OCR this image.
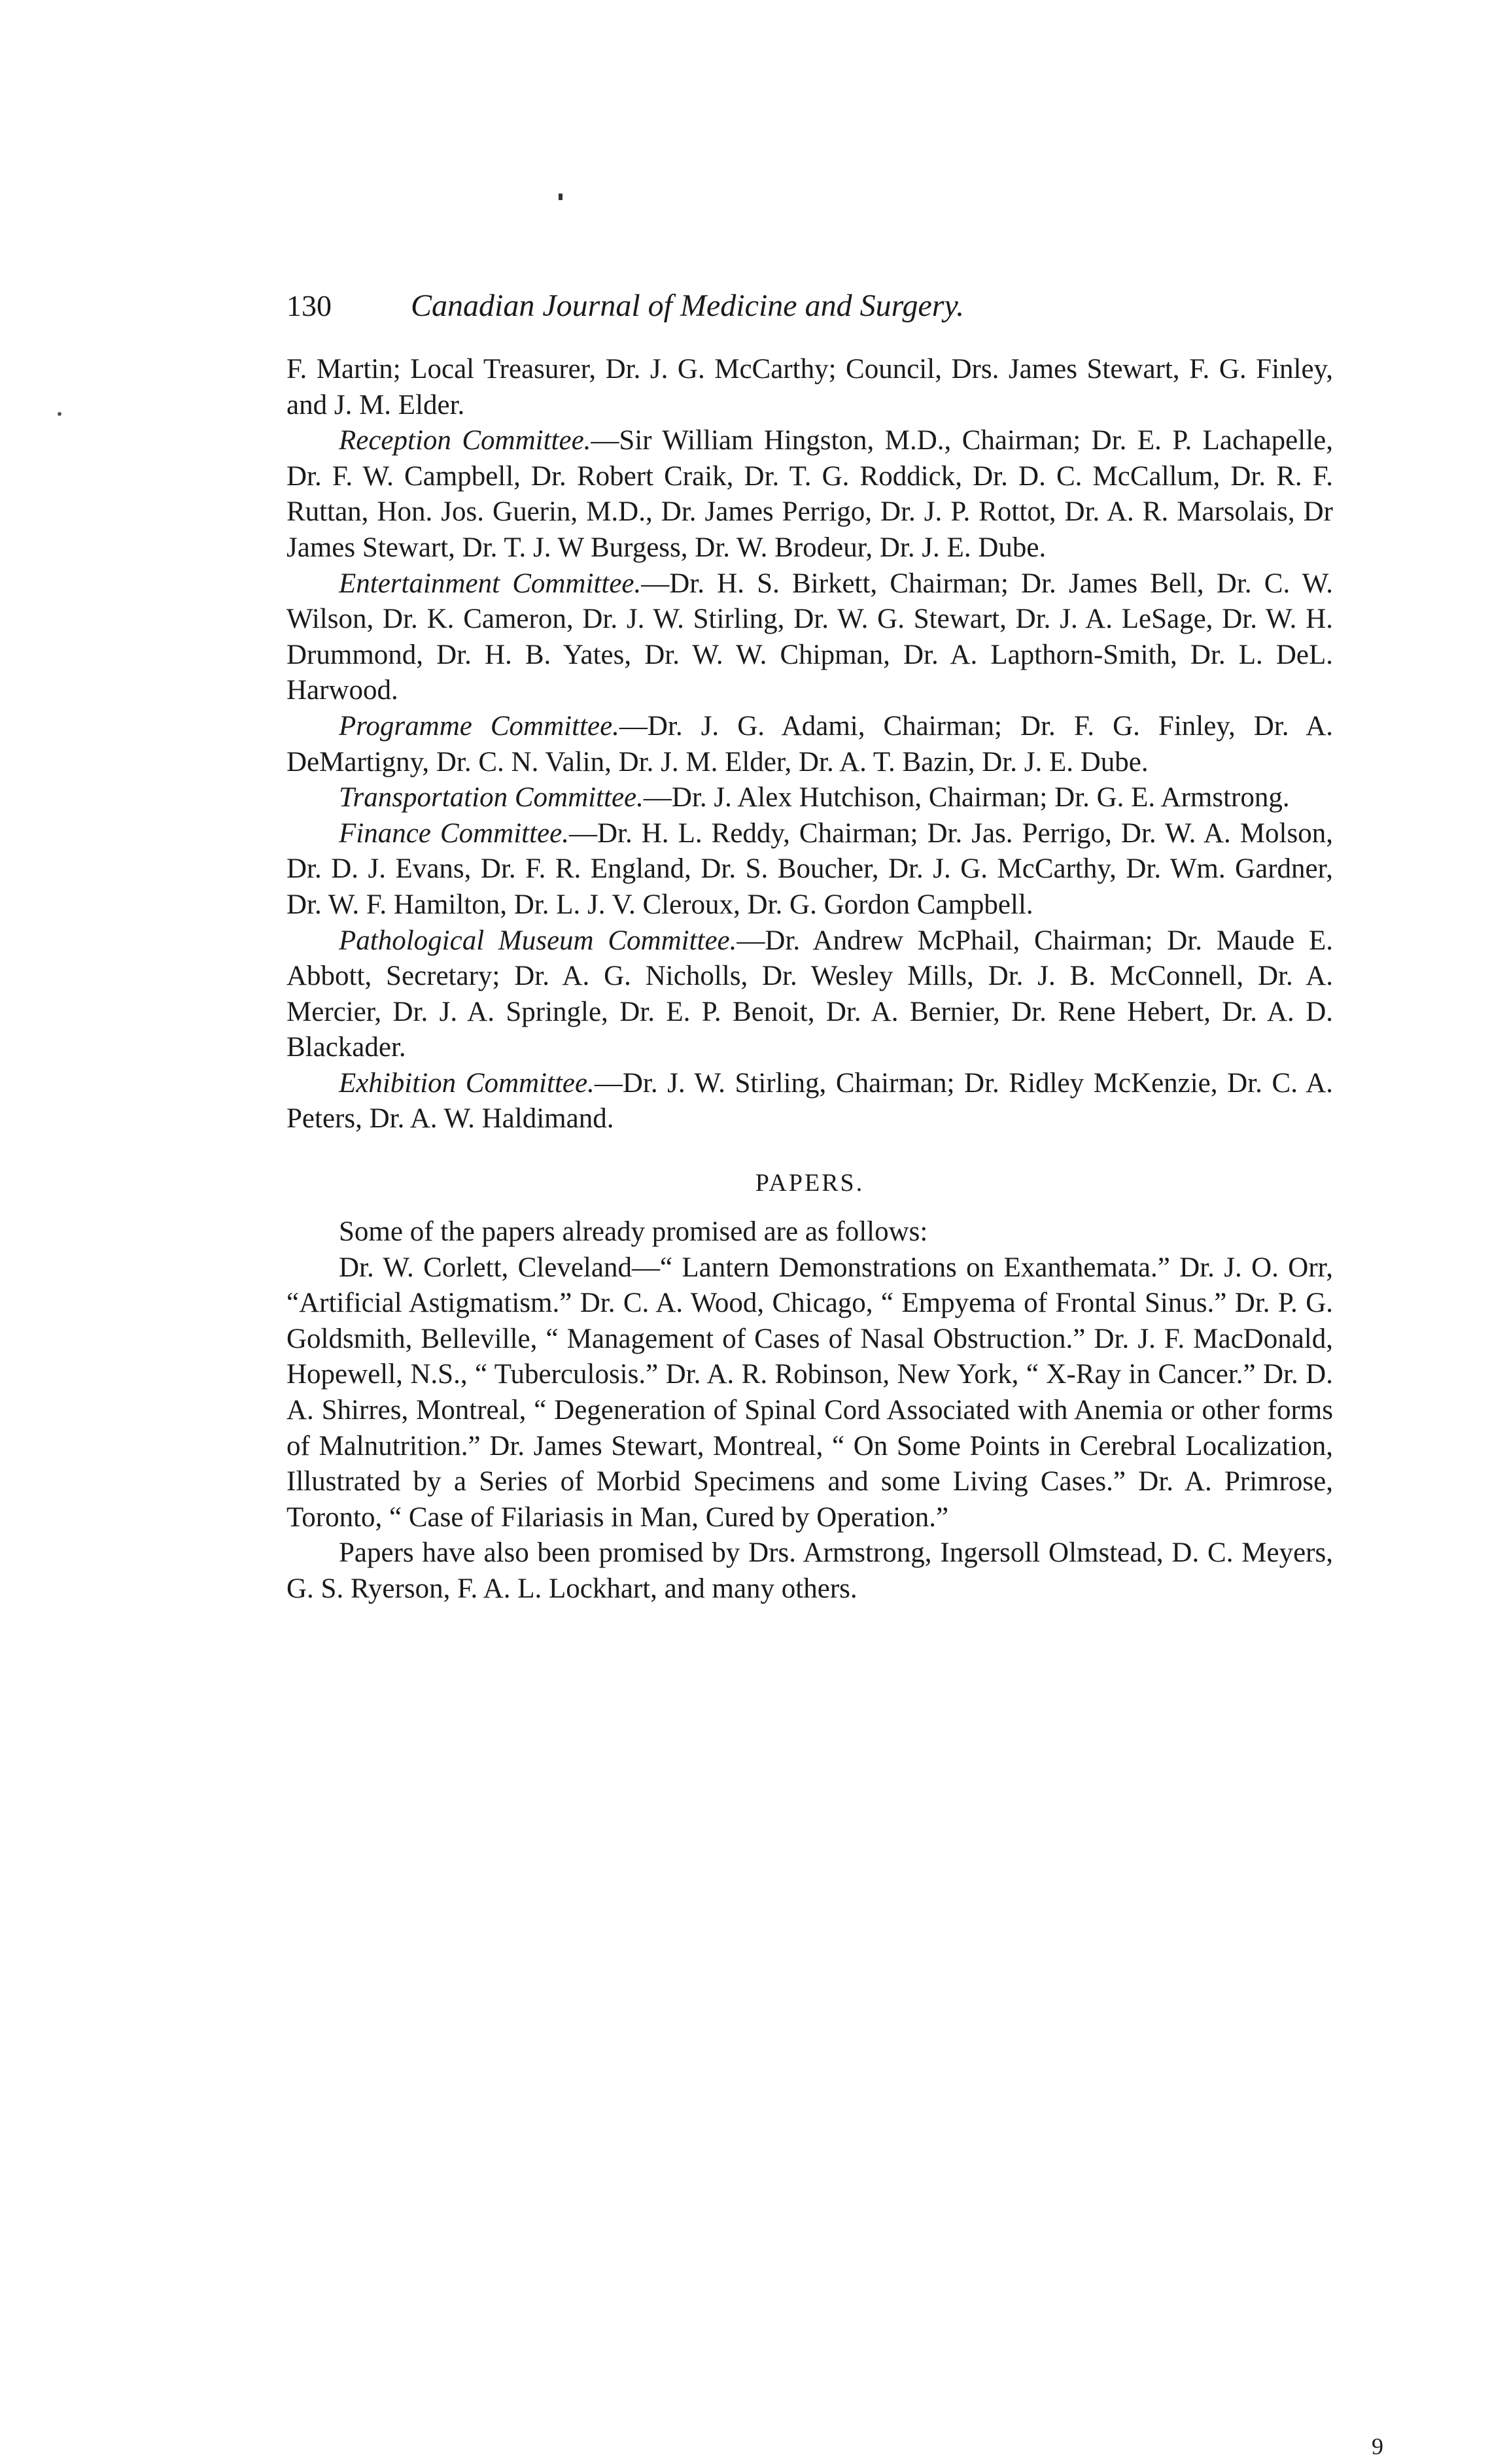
130	Canadian Journal of Medicine and Surgery.

F. Martin; Local Treasurer, Dr. J. G. McCarthy; Council, Drs. James Stewart, F. G. Finley, and J. M. Elder.

Reception Committee.—Sir William Hingston, M.D., Chairman; Dr. E. P. Lachapelle, Dr. F. W. Campbell, Dr. Robert Craik, Dr. T. G. Roddick, Dr. D. C. McCallum, Dr. R. F. Ruttan, Hon. Jos. Guerin, M.D., Dr. James Perrigo, Dr. J. P. Rottot, Dr. A. R. Marsolais, Dr James Stewart, Dr. T. J. W Burgess, Dr. W. Brodeur, Dr. J. E. Dube.

Entertainment Committee.—Dr. H. S. Birkett, Chairman; Dr. James Bell, Dr. C. W. Wilson, Dr. K. Cameron, Dr. J. W. Stirling, Dr. W. G. Stewart, Dr. J. A. LeSage, Dr. W. H. Drummond, Dr. H. B. Yates, Dr. W. W. Chipman, Dr. A. Lapthorn-Smith, Dr. L. DeL. Harwood.

Programme Committee.—Dr. J. G. Adami, Chairman; Dr. F. G. Finley, Dr. A. DeMartigny, Dr. C. N. Valin, Dr. J. M. Elder, Dr. A. T. Bazin, Dr. J. E. Dube.

Transportation Committee.—Dr. J. Alex Hutchison, Chairman; Dr. G. E. Armstrong.

Finance Committee.—Dr. H. L. Reddy, Chairman; Dr. Jas. Perrigo, Dr. W. A. Molson, Dr. D. J. Evans, Dr. F. R. England, Dr. S. Boucher, Dr. J. G. McCarthy, Dr. Wm. Gardner, Dr. W. F. Hamilton, Dr. L. J. V. Cleroux, Dr. G. Gordon Campbell.

Pathological Museum Committee.—Dr. Andrew McPhail, Chairman; Dr. Maude E. Abbott, Secretary; Dr. A. G. Nicholls, Dr. Wesley Mills, Dr. J. B. McConnell, Dr. A. Mercier, Dr. J. A. Springle, Dr. E. P. Benoit, Dr. A. Bernier, Dr. Rene Hebert, Dr. A. D. Blackader.

Exhibition Committee.—Dr. J. W. Stirling, Chairman; Dr. Ridley McKenzie, Dr. C. A. Peters, Dr. A. W. Haldimand.

PAPERS.

Some of the papers already promised are as follows:

Dr. W. Corlett, Cleveland—“ Lantern Demonstrations on Exanthemata.” Dr. J. O. Orr, “Artificial Astigmatism.” Dr. C. A. Wood, Chicago, “ Empyema of Frontal Sinus.” Dr. P. G. Goldsmith, Belleville, “ Management of Cases of Nasal Obstruction.” Dr. J. F. MacDonald, Hopewell, N.S., “ Tuberculosis.” Dr. A. R. Robinson, New York, “ X-Ray in Cancer.” Dr. D. A. Shirres, Montreal, “ Degeneration of Spinal Cord Associated with Anemia or other forms of Malnutrition.” Dr. James Stewart, Montreal, “ On Some Points in Cerebral Localization, Illustrated by a Series of Morbid Specimens and some Living Cases.” Dr. A. Primrose, Toronto, “ Case of Filariasis in Man, Cured by Operation.”

Papers have also been promised by Drs. Armstrong, Ingersoll Olmstead, D. C. Meyers, G. S. Ryerson, F. A. L. Lockhart, and many others.

9
